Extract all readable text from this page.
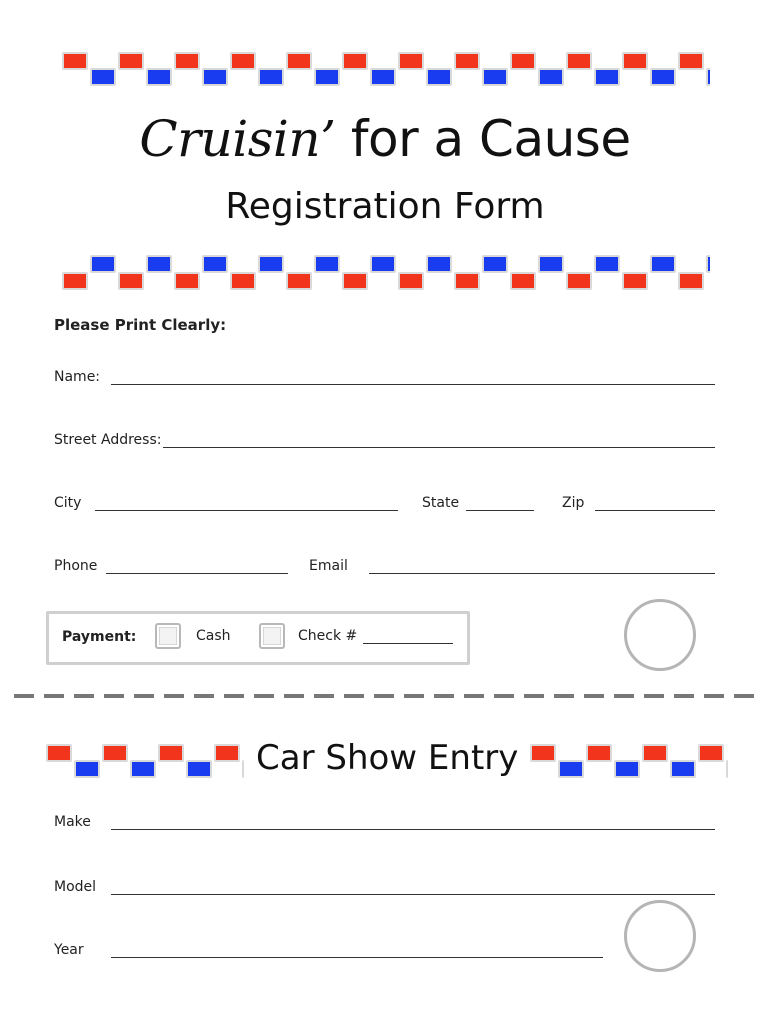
Cruisin’ for a Cause
Registration Form
Please Print Clearly:
Name:
Street Address:
City	State	Zip
Phone	Email
Payment:	Cash	Check #
Car Show Entry
Make
Model
Year
